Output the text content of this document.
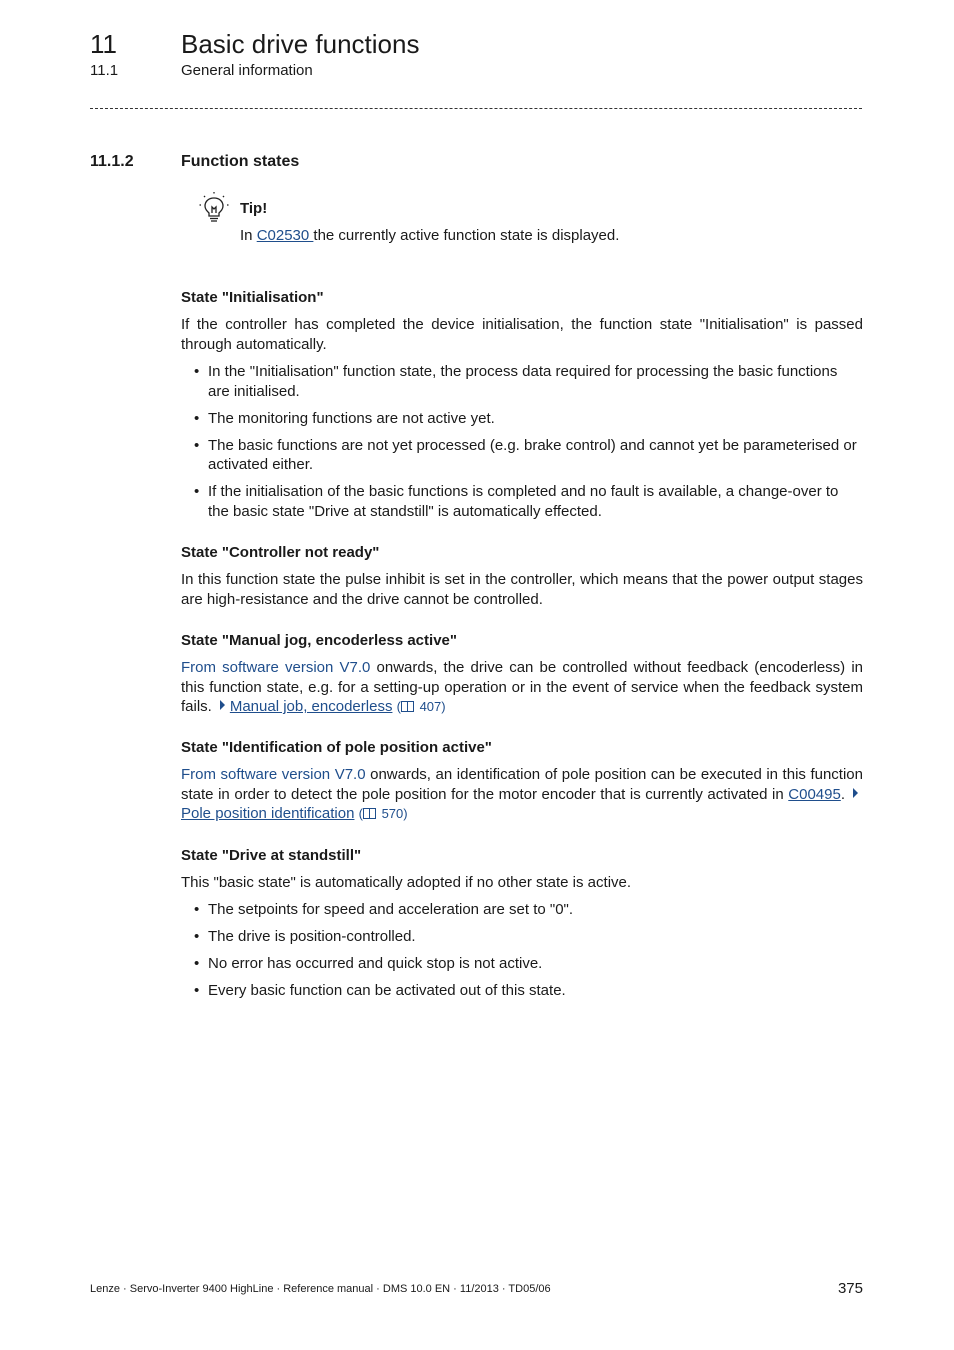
11 Basic drive functions
11.1	General information
11.1.2	Function states
Tip!
In C02530 the currently active function state is displayed.
State "Initialisation"

If the controller has completed the device initialisation, the function state "Initialisation" is passed through automatically.

• In the "Initialisation" function state, the process data required for processing the basic functions are initialised.
• The monitoring functions are not active yet.
• The basic functions are not yet processed (e.g. brake control) and cannot yet be parameterised or activated either.
• If the initialisation of the basic functions is completed and no fault is available, a change-over to the basic state "Drive at standstill" is automatically effected.
State "Controller not ready"

In this function state the pulse inhibit is set in the controller, which means that the power output stages are high-resistance and the drive cannot be controlled.

State "Manual jog, encoderless active"

From software version V7.0 onwards, the drive can be controlled without feedback (encoderless) in this function state, e.g. for a setting-up operation or in the event of service when the feedback system fails. Manual job, encoderless ( 407)

State "Identification of pole position active"

From software version V7.0 onwards, an identification of pole position can be executed in this function state in order to detect the pole position for the motor encoder that is currently activated in C00495.Pole position identification ( 570)

State "Drive at standstill"

This "basic state" is automatically adopted if no other state is active.

• The setpoints for speed and acceleration are set to "0".
• The drive is position-controlled.
• No error has occurred and quick stop is not active.
• Every basic function can be activated out of this state.
Lenze · Servo-Inverter 9400 HighLine · Reference manual · DMS 10.0 EN · 11/2013 · TD05/06	375
